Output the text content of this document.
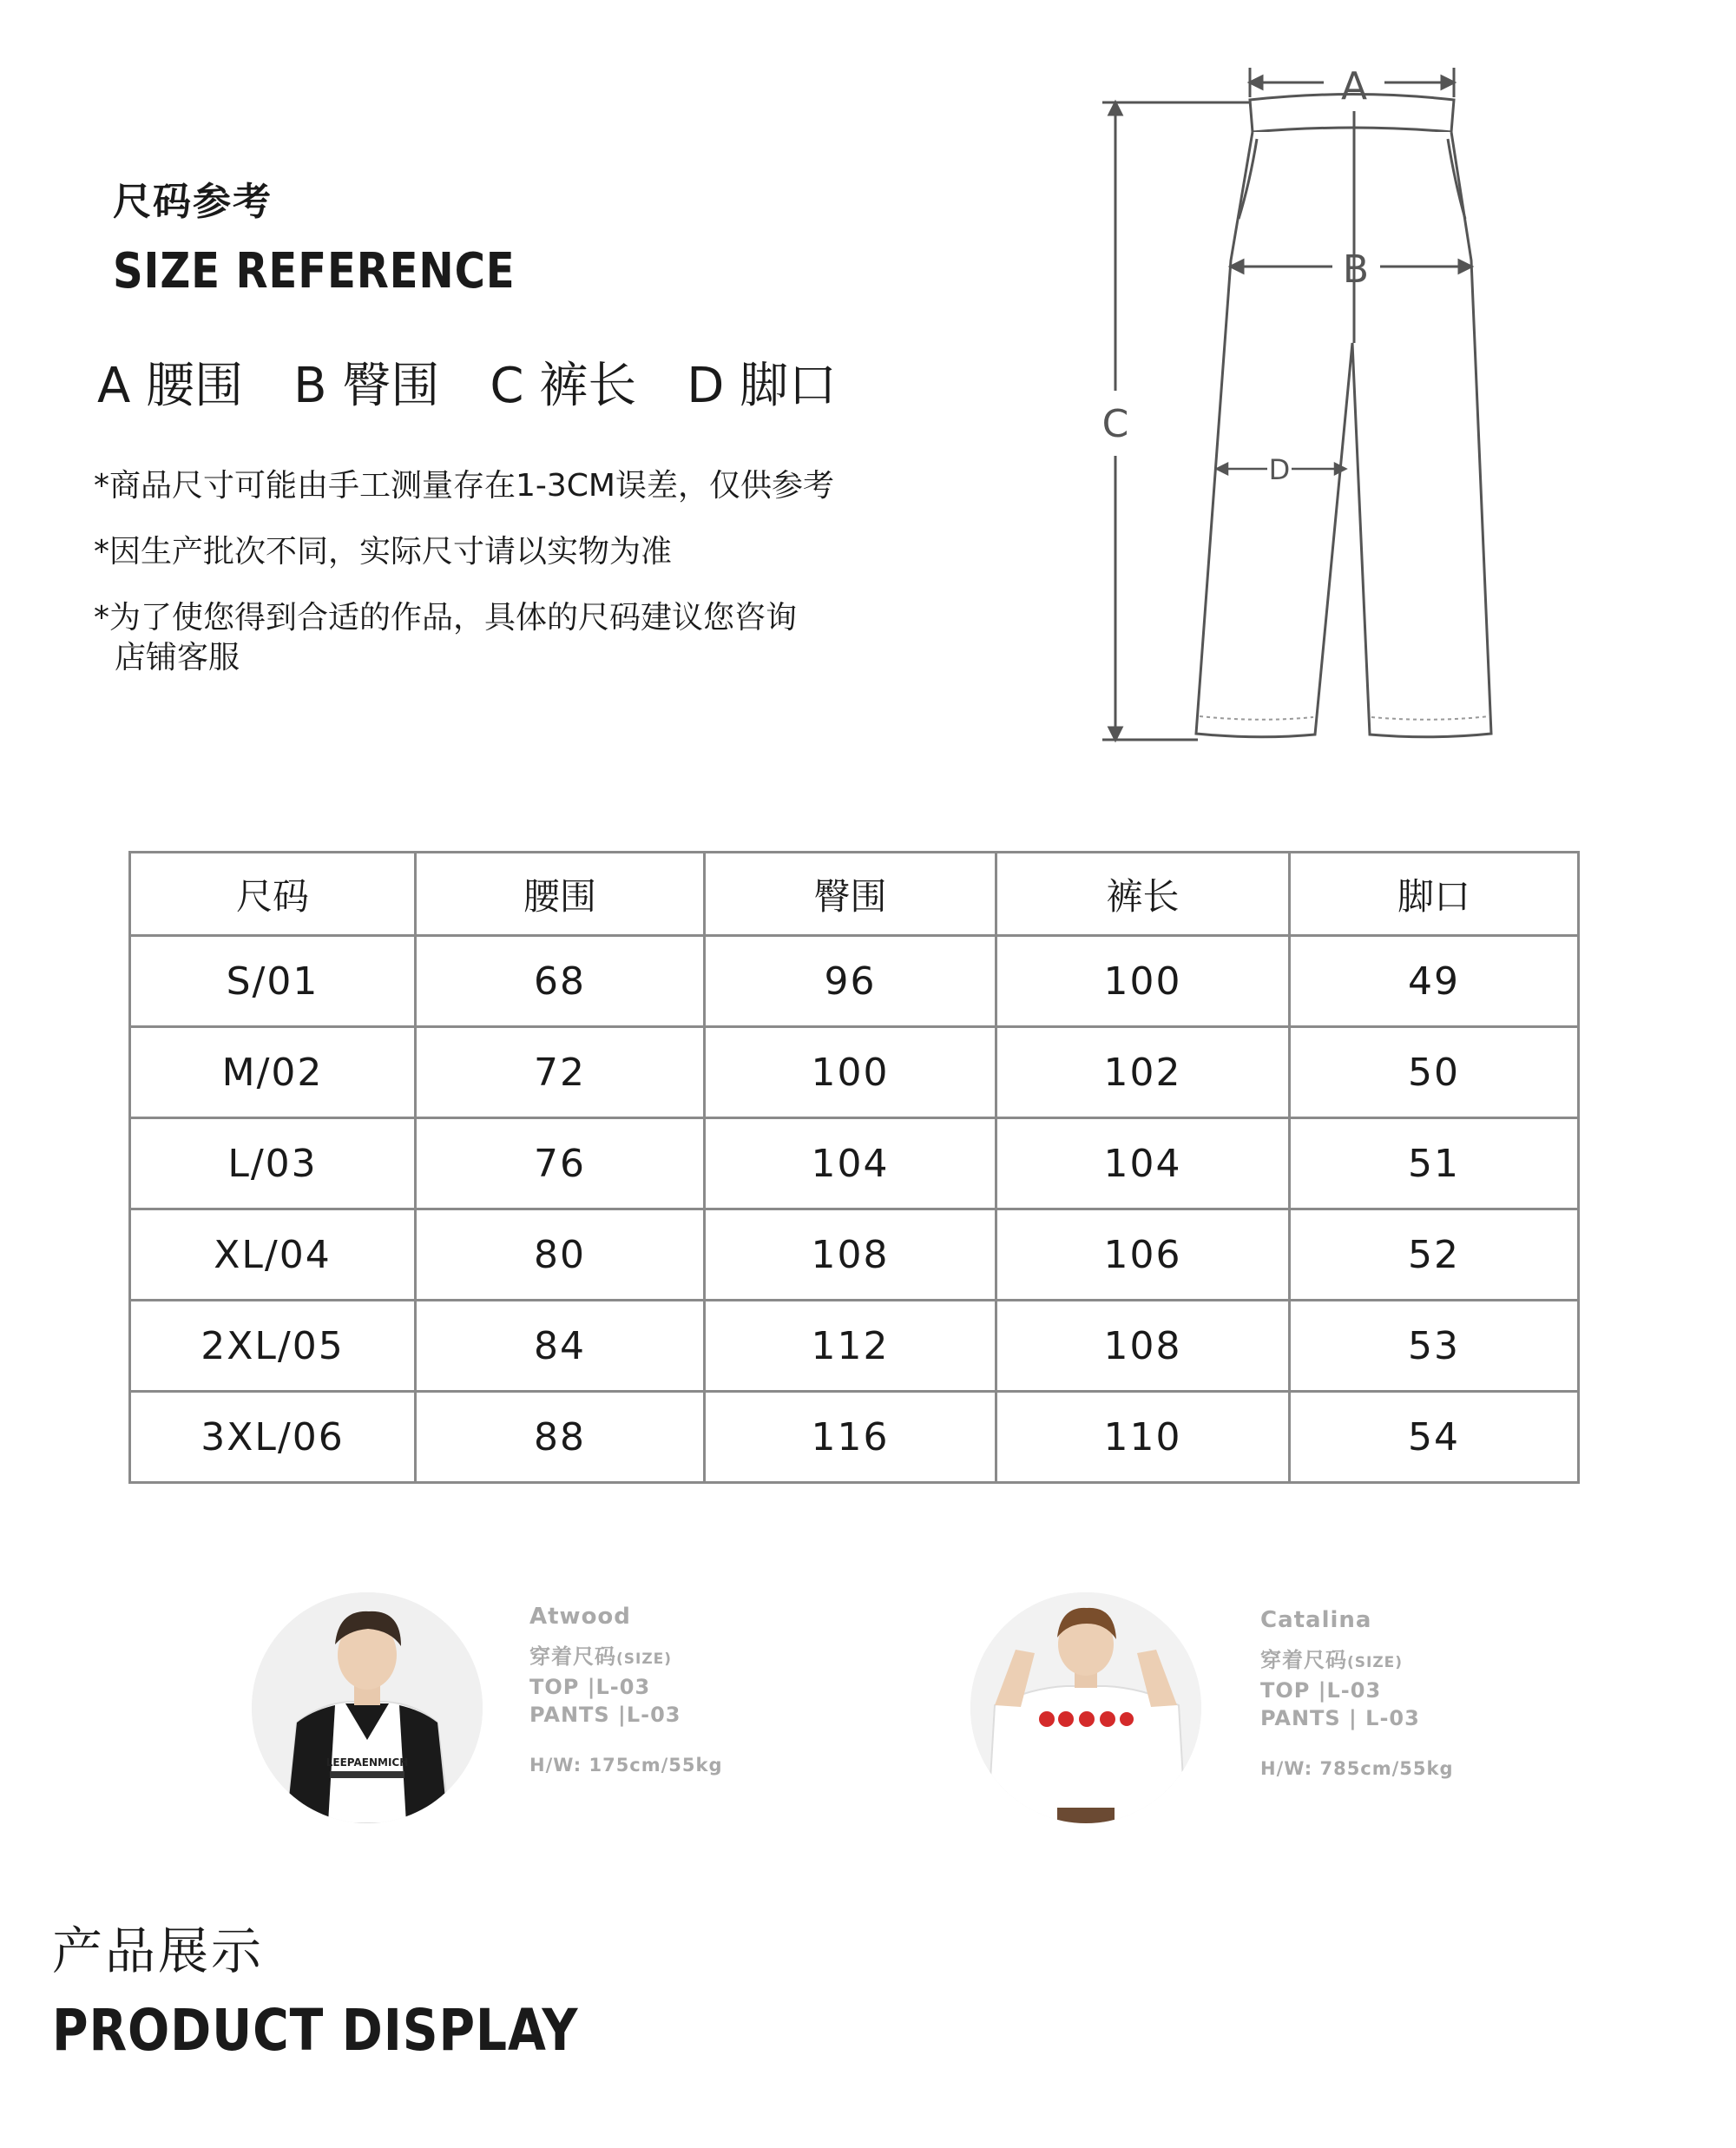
尺码参考
SIZE REFERENCE
A 腰围 B 臀围 C 裤长 D 脚口
*商品尺寸可能由手工测量存在1-3CM误差，仅供参考
*因生产批次不同，实际尺寸请以实物为准
*为了使您得到合适的作品，具体的尺码建议您咨询
店铺客服
A
B
C
D
尺码	腰围	臀围	裤长	脚口
S/01	68	96	100	49
M/02	72	100	102	50
L/03	76	104	104	51
XL/04	80	108	106	52
2XL/05	84	112	108	53
3XL/06	88	116	110	54
LEEPAENMICH
Atwood
穿着尺码(SIZE)
TOP |L-03
PANTS |L-03
H/W: 175cm/55kg
Catalina
穿着尺码(SIZE)
TOP |L-03
PANTS | L-03
H/W: 785cm/55kg
产品展示
PRODUCT DISPLAY
